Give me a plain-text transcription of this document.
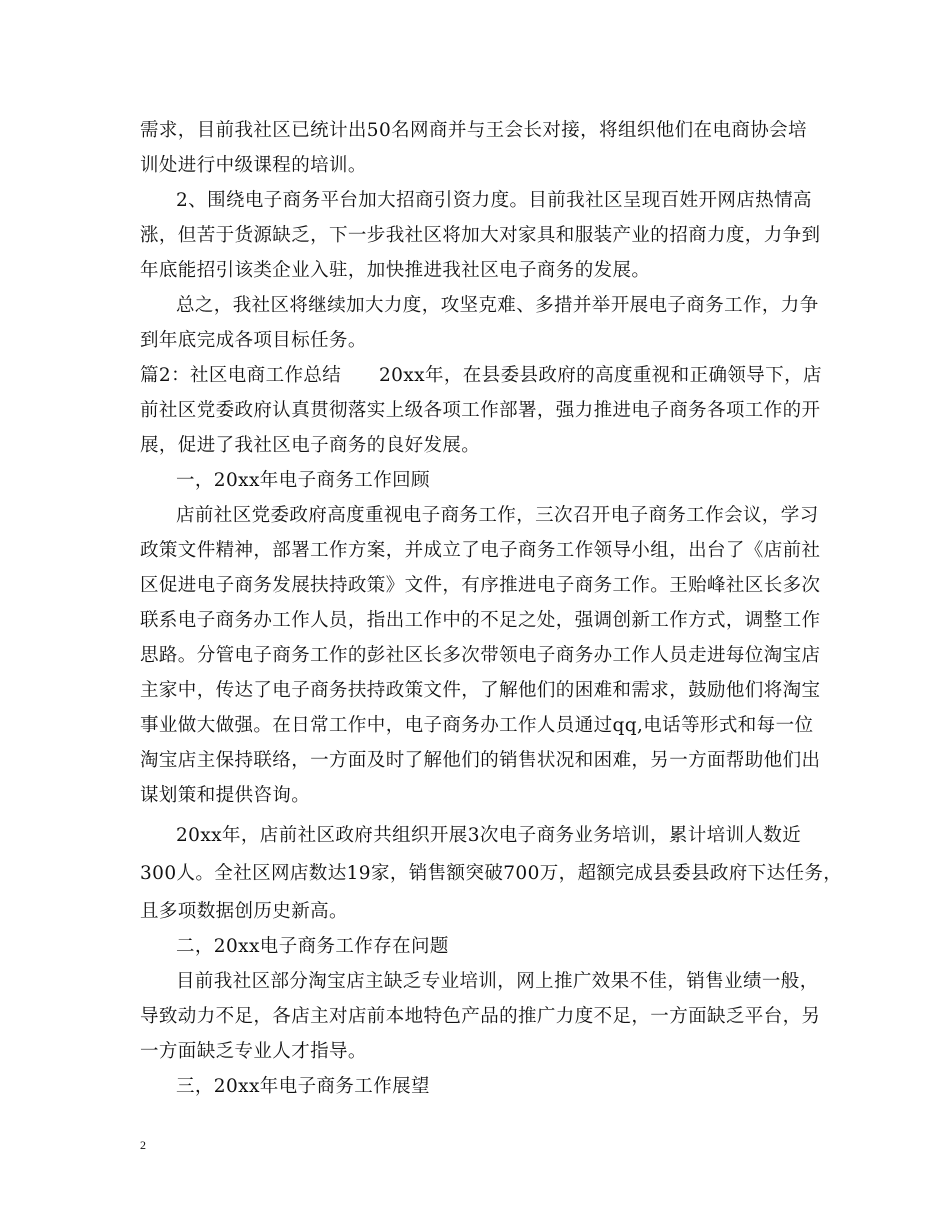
需求，目前我社区已统计出50名网商并与王会长对接，将组织他们在电商协会培
训处进行中级课程的培训。
2、围绕电子商务平台加大招商引资力度。目前我社区呈现百姓开网店热情高
涨，但苦于货源缺乏，下一步我社区将加大对家具和服装产业的招商力度，力争到
年底能招引该类企业入驻，加快推进我社区电子商务的发展。
总之，我社区将继续加大力度，攻坚克难、多措并举开展电子商务工作，力争
到年底完成各项目标任务。
篇2：社区电商工作总结　　20xx年，在县委县政府的高度重视和正确领导下，店
前社区党委政府认真贯彻落实上级各项工作部署，强力推进电子商务各项工作的开
展，促进了我社区电子商务的良好发展。
一，20xx年电子商务工作回顾
店前社区党委政府高度重视电子商务工作，三次召开电子商务工作会议，学习
政策文件精神，部署工作方案，并成立了电子商务工作领导小组，出台了《店前社
区促进电子商务发展扶持政策》文件，有序推进电子商务工作。王贻峰社区长多次
联系电子商务办工作人员，指出工作中的不足之处，强调创新工作方式，调整工作
思路。分管电子商务工作的彭社区长多次带领电子商务办工作人员走进每位淘宝店
主家中，传达了电子商务扶持政策文件，了解他们的困难和需求，鼓励他们将淘宝
事业做大做强。在日常工作中，电子商务办工作人员通过qq,电话等形式和每一位
淘宝店主保持联络，一方面及时了解他们的销售状况和困难，另一方面帮助他们出
谋划策和提供咨询。
20xx年，店前社区政府共组织开展3次电子商务业务培训，累计培训人数近
300人。全社区网店数达19家，销售额突破700万，超额完成县委县政府下达任务，
且多项数据创历史新高。
二，20xx电子商务工作存在问题
目前我社区部分淘宝店主缺乏专业培训，网上推广效果不佳，销售业绩一般，
导致动力不足，各店主对店前本地特色产品的推广力度不足，一方面缺乏平台，另
一方面缺乏专业人才指导。
三，20xx年电子商务工作展望
2
